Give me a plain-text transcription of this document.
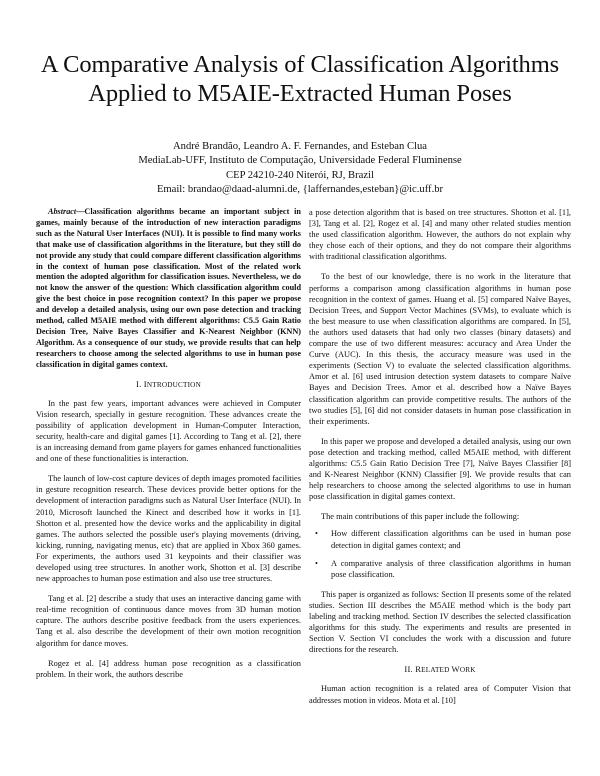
A Comparative Analysis of Classification Algorithms
Applied to M5AIE-Extracted Human Poses
André Brandão, Leandro A. F. Fernandes, and Esteban Clua
MediaLab-UFF, Instituto de Computação, Universidade Federal Fluminense
CEP 24210-240 Niterói, RJ, Brazil
Email: brandao@daad-alumni.de, {laffernandes,esteban}@ic.uff.br

Abstract—Classification algorithms became an important subject in games, mainly because of the introduction of new interaction paradigms such as the Natural User Interfaces (NUI). It is possible to find many works that make use of classification algorithms in the literature, but they still do not provide any study that could compare different classification algorithms in the context of human pose classification. Most of the related work mention the adopted algorithm for classification issues. Nevertheless, we do not know the answer of the question: Which classification algorithm could give the best choice in pose recognition context? In this paper we propose and develop a detailed analysis, using our own pose detection and tracking method, called M5AIE method with different algorithms: C5.5 Gain Ratio Decision Tree, Naïve Bayes Classifier and K-Nearest Neighbor (KNN) Algorithm. As a consequence of our study, we provide results that can help researchers to choose among the selected algorithms to use in human pose classification in digital games context.

I. INTRODUCTION

In the past few years, important advances were achieved in Computer Vision research, specially in gesture recognition. These advances create the possibility of application development in Human-Computer Interaction, security, health-care and digital games [1]. According to Tang et al. [2], there is an increasing demand from game players for games enhanced functionalities and one of these functionalities is interaction.

The launch of low-cost capture devices of depth images promoted facilities in gesture recognition research. These devices provide better options for the development of interaction paradigms such as Natural User Interface (NUI). In 2010, Microsoft launched the Kinect and described how it works in [1]. Shotton et al. presented how the device works and the applicability in digital games. The authors selected the possible user's playing movements (driving, kicking, running, navigating menus, etc) that are applied in Xbox 360 games. For experiments, the authors used 31 keypoints and their classifier was developed using tree structures. In another work, Shotton et al. [3] describe new approaches to human pose estimation and also use tree structures.

Tang et al. [2] describe a study that uses an interactive dancing game with real-time recognition of continuous dance moves from 3D human motion capture. The authors describe positive feedback from the users experiences. Tang et al. also describe the development of their own motion recognition algorithm for dance moves.

Rogez et al. [4] address human pose recognition as a classification problem. In their work, the authors describe

a pose detection algorithm that is based on tree structures. Shotton et al. [1], [3], Tang et al. [2], Rogez et al. [4] and many other related studies mention the used classification algorithm. However, the authors do not explain why they chose each of their options, and they do not compare their algorithms with traditional classification algorithms.

To the best of our knowledge, there is no work in the literature that performs a comparison among classification algorithms in human pose recognition in the context of games. Huang et al. [5] compared Naïve Bayes, Decision Trees, and Support Vector Machines (SVMs), to evaluate which is the best measure to use when classification algorithms are compared. In [5], the authors used datasets that had only two classes (binary datasets) and compare the use of two different measures: accuracy and Area Under the Curve (AUC). In this thesis, the accuracy measure was used in the experiments (Section V) to evaluate the selected classification algorithms. Amor et al. [6] used intrusion detection system datasets to compare Naïve Bayes and Decision Trees. Amor et al. described how a Naïve Bayes classification algorithm can provide competitive results. The authors of the two studies [5], [6] did not consider datasets in human pose classification in their experiments.

In this paper we propose and developed a detailed analysis, using our own pose detection and tracking method, called M5AIE method, with different algorithms: C5.5 Gain Ratio Decision Tree [7], Naïve Bayes Classifier [8] and K-Nearest Neighbor (KNN) Classifier [9]. We provide results that can help researchers to choose among the selected algorithms to use in human pose classification in digital games context.

The main contributions of this paper include the following:

• How different classification algorithms can be used in human pose detection in digital games context; and
• A comparative analysis of three classification algorithms in human pose classification.

This paper is organized as follows: Section II presents some of the related studies. Section III describes the M5AIE method which is the body part labeling and tracking method. Section IV describes the selected classification algorithms for this study. The experiments and results are presented in Section V. Section VI concludes the work with a discussion and future directions for the research.

II. RELATED WORK

Human action recognition is a related area of Computer Vision that addresses motion in videos. Mota et al. [10]
